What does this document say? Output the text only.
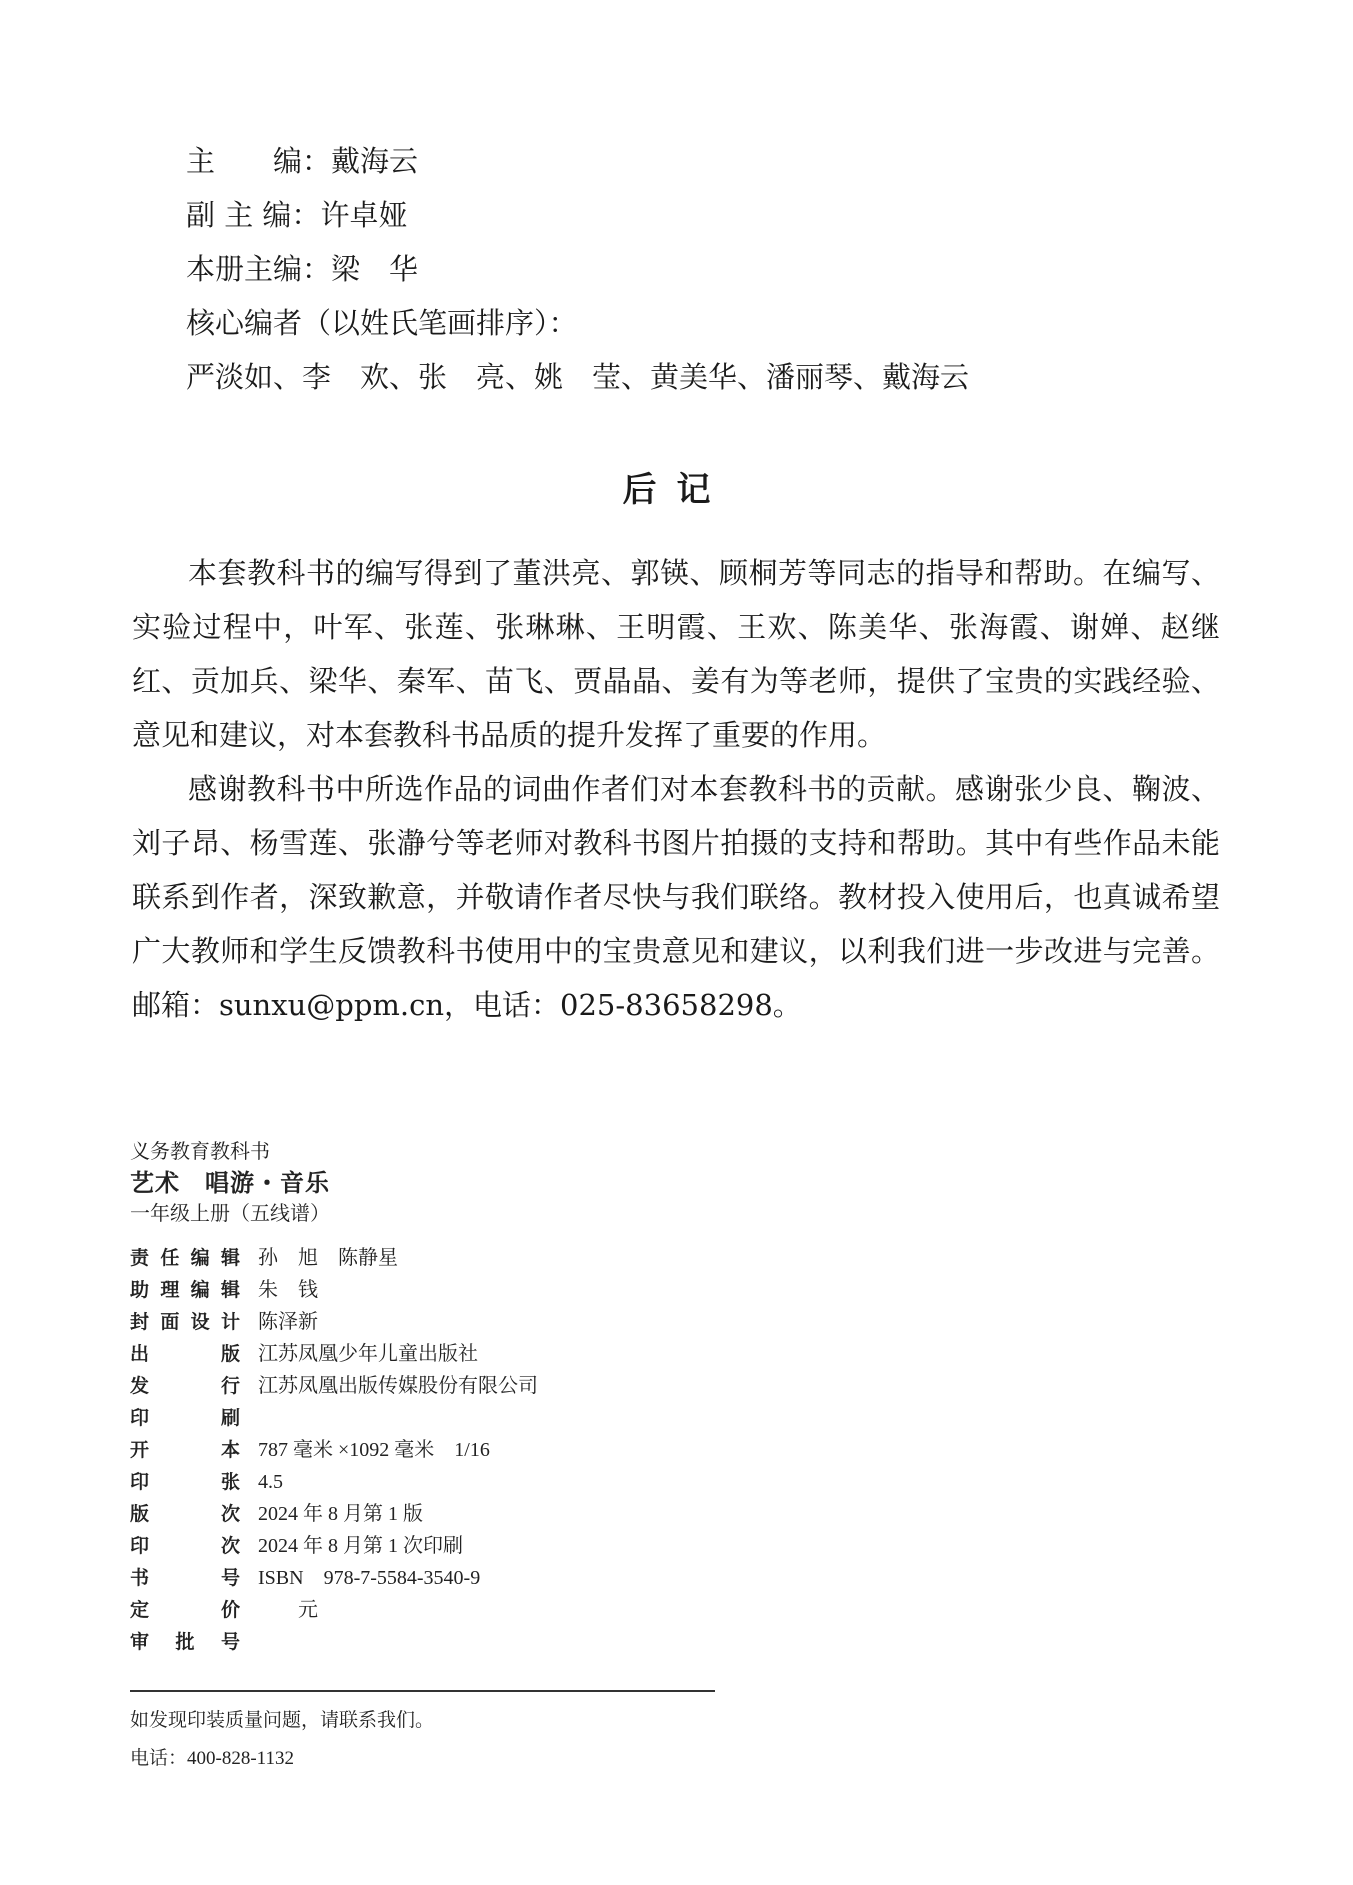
主　　编：戴海云
副 主 编：许卓娅
本册主编：梁　华
核心编者（以姓氏笔画排序）：
严淡如、李　欢、张　亮、姚　莹、黄美华、潘丽琴、戴海云
后记

本套教科书的编写得到了董洪亮、郭锳、顾桐芳等同志的指导和帮助。在编写、实验过程中，叶军、张莲、张琳琳、王明霞、王欢、陈美华、张海霞、谢婵、赵继红、贡加兵、梁华、秦军、苗飞、贾晶晶、姜有为等老师，提供了宝贵的实践经验、意见和建议，对本套教科书品质的提升发挥了重要的作用。

感谢教科书中所选作品的词曲作者们对本套教科书的贡献。感谢张少良、鞠波、刘子昂、杨雪莲、张瀞兮等老师对教科书图片拍摄的支持和帮助。其中有些作品未能联系到作者，深致歉意，并敬请作者尽快与我们联络。教材投入使用后，也真诚希望广大教师和学生反馈教科书使用中的宝贵意见和建议，以利我们进一步改进与完善。邮箱：sunxu@ppm.cn，电话：025-83658298。

义务教育教科书
艺术　唱游・音乐
一年级上册（五线谱）
责任编辑 孙　旭　陈静星
助理编辑 朱　钱
封面设计 陈泽新
出版 江苏凤凰少年儿童出版社
发行 江苏凤凰出版传媒股份有限公司
印刷
开本 787 毫米 ×1092 毫米　1/16
印张 4.5
版次 2024 年 8 月第 1 版
印次 2024 年 8 月第 1 次印刷
书号 ISBN　978-7-5584-3540-9
定价　　元
审批号
如发现印装质量问题，请联系我们。
电话：400-828-1132
